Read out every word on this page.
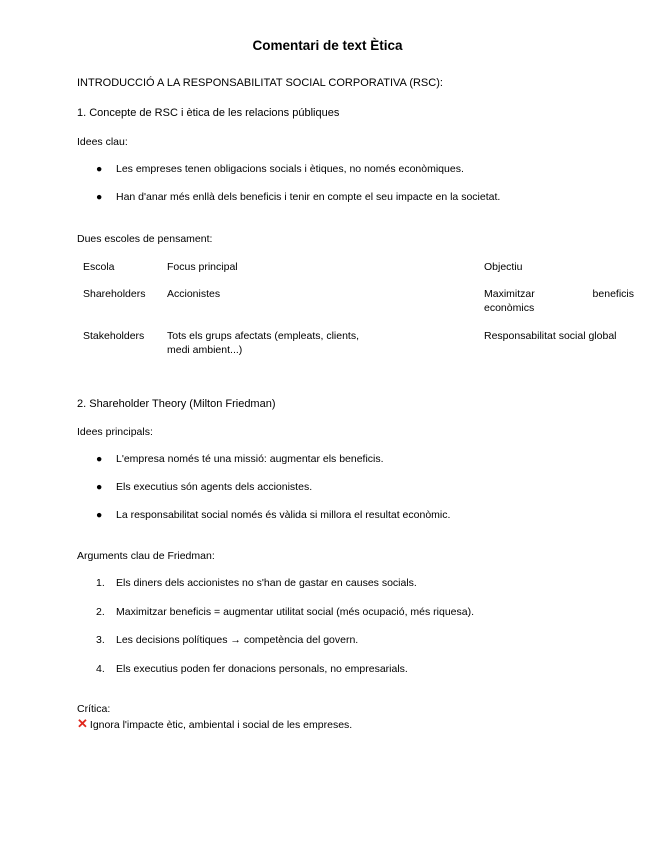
Comentari de text Ètica
INTRODUCCIÓ A LA RESPONSABILITAT SOCIAL CORPORATIVA (RSC):
1. Concepte de RSC i ètica de les relacions públiques
Idees clau:
● Les empreses tenen obligacions socials i ètiques, no només econòmiques.
● Han d'anar més enllà dels beneficis i tenir en compte el seu impacte en la societat.
Dues escoles de pensament:
Escola	Focus principal	Objectiu
Shareholders	Accionistes	Maximitzar beneficis
econòmics
Stakeholders	Tots els grups afectats (empleats, clients, medi ambient...)	Responsabilitat social global
2. Shareholder Theory (Milton Friedman)
Idees principals:
● L'empresa només té una missió: augmentar els beneficis.
● Els executius són agents dels accionistes.
● La responsabilitat social només és vàlida si millora el resultat econòmic.
Arguments clau de Friedman:
1. Els diners dels accionistes no s'han de gastar en causes socials.
2. Maximitzar beneficis = augmentar utilitat social (més ocupació, més riquesa).
3. Les decisions polítiques → competència del govern.
4. Els executius poden fer donacions personals, no empresarials.
Crítica:
✕ Ignora l'impacte ètic, ambiental i social de les empreses.
